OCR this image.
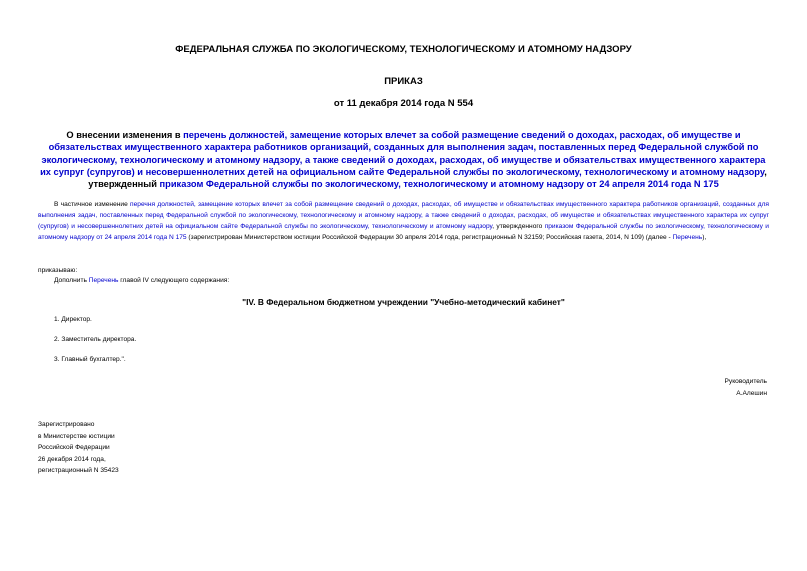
ФЕДЕРАЛЬНАЯ СЛУЖБА ПО ЭКОЛОГИЧЕСКОМУ, ТЕХНОЛОГИЧЕСКОМУ И АТОМНОМУ НАДЗОРУ
ПРИКАЗ
от 11 декабря 2014 года N 554
О внесении изменения в перечень должностей, замещение которых влечет за собой размещение сведений о доходах, расходах, об имуществе и обязательствах имущественного характера работников организаций, созданных для выполнения задач, поставленных перед Федеральной службой по экологическому, технологическому и атомному надзору, а также сведений о доходах, расходах, об имуществе и обязательствах имущественного характера их супруг (супругов) и несовершеннолетних детей на официальном сайте Федеральной службы по экологическому, технологическому и атомному надзору, утвержденный приказом Федеральной службы по экологическому, технологическому и атомному надзору от 24 апреля 2014 года N 175
В частичное изменение перечня должностей, замещение которых влечет за собой размещение сведений о доходах, расходах, об имуществе и обязательствах имущественного характера работников организаций, созданных для выполнения задач, поставленных перед Федеральной службой по экологическому, технологическому и атомному надзору, а также сведений о доходах, расходах, об имуществе и обязательствах имущественного характера их супруг (супругов) и несовершеннолетних детей на официальном сайте Федеральной службы по экологическому, технологическому и атомному надзору, утвержденного приказом Федеральной службы по экологическому, технологическому и атомному надзору от 24 апреля 2014 года N 175 (зарегистрирован Министерством юстиции Российской Федерации 30 апреля 2014 года, регистрационный N 32159; Российская газета, 2014, N 109) (далее - Перечень),
приказываю:
Дополнить Перечень главой IV следующего содержания:
"IV. В Федеральном бюджетном учреждении "Учебно-методический кабинет"
1. Директор.
2. Заместитель директора.
3. Главный бухгалтер.".
Руководитель
А.Алешин
Зарегистрировано
в Министерстве юстиции
Российской Федерации
26 декабря 2014 года,
регистрационный N 35423
